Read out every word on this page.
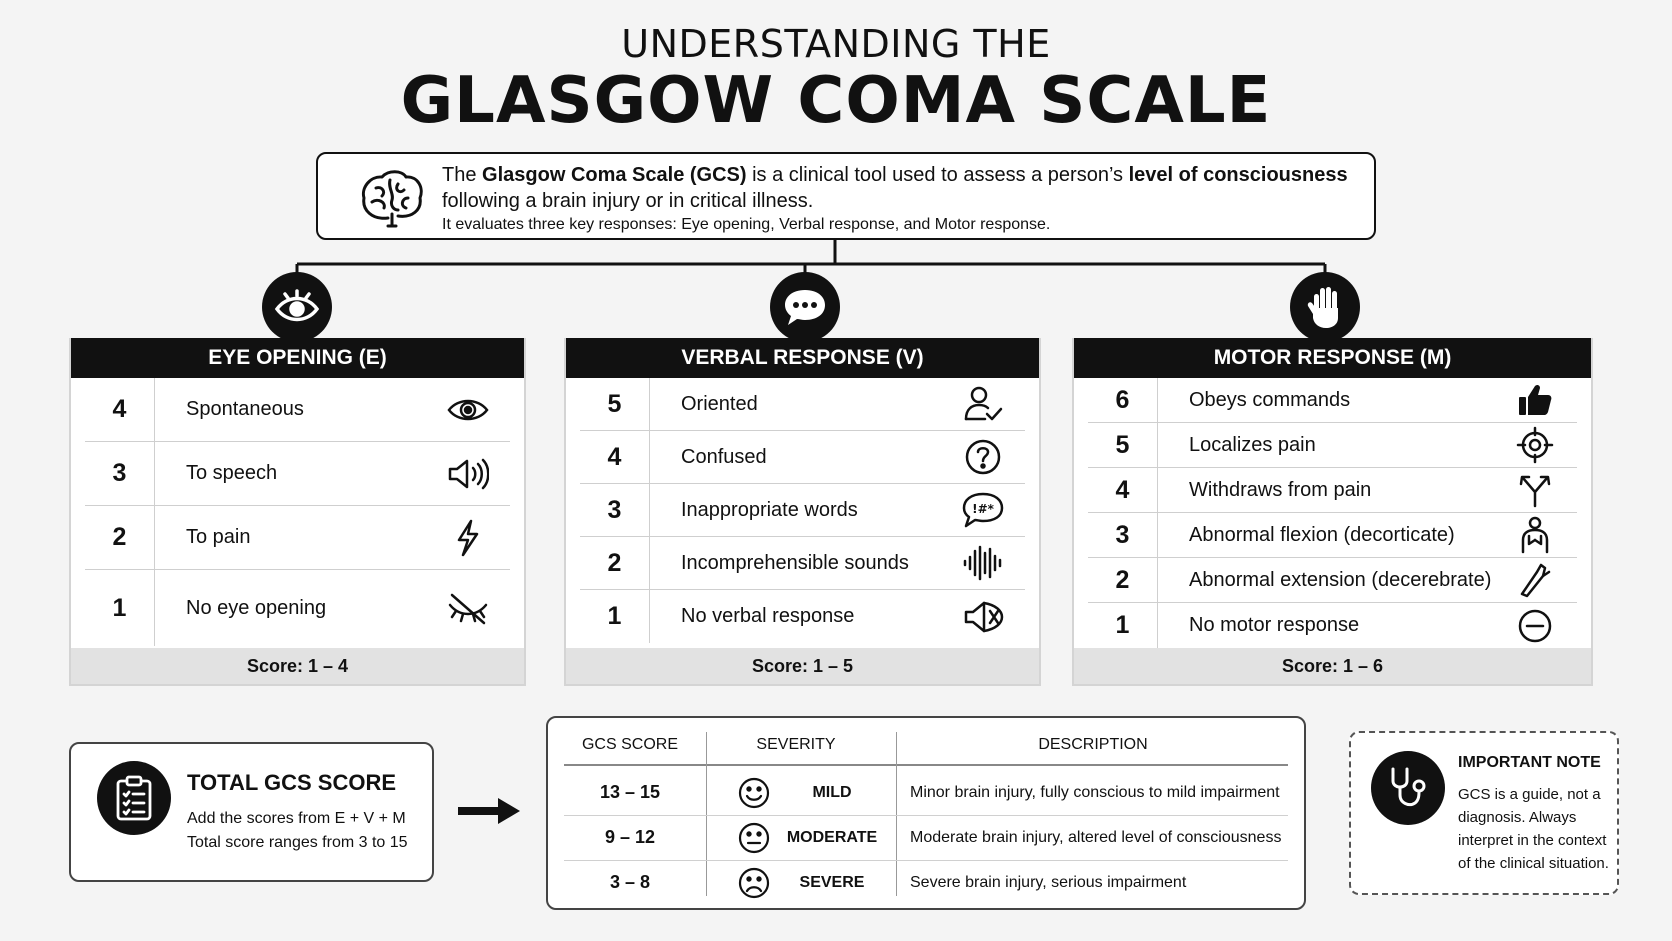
UNDERSTANDING THE
GLASGOW COMA SCALE
The Glasgow Coma Scale (GCS) is a clinical tool used to assess a person’s level of consciousness
following a brain injury or in critical illness.
It evaluates three key responses: Eye opening, Verbal response, and Motor response.
EYE OPENING (E)
4	Spontaneous
3	To speech
2	To pain
1	No eye opening
Score: 1 – 4
VERBAL RESPONSE (V)
5	Oriented
4	Confused
3	Inappropriate words	!#*
2	Incomprehensible sounds
1	No verbal response
Score: 1 – 5
MOTOR RESPONSE (M)
6	Obeys commands
5	Localizes pain
4	Withdraws from pain
3	Abnormal flexion (decorticate)
2	Abnormal extension (decerebrate)
1	No motor response
Score: 1 – 6
TOTAL GCS SCORE
Add the scores from E + V + M
Total score ranges from 3 to 15
GCS SCORE	SEVERITY	DESCRIPTION
13 – 15	MILD	Minor brain injury, fully conscious to mild impairment
9 – 12	MODERATE	Moderate brain injury, altered level of consciousness
3 – 8	SEVERE	Severe brain injury, serious impairment
IMPORTANT NOTE
GCS is a guide, not a diagnosis. Always interpret in the context of the clinical situation.
